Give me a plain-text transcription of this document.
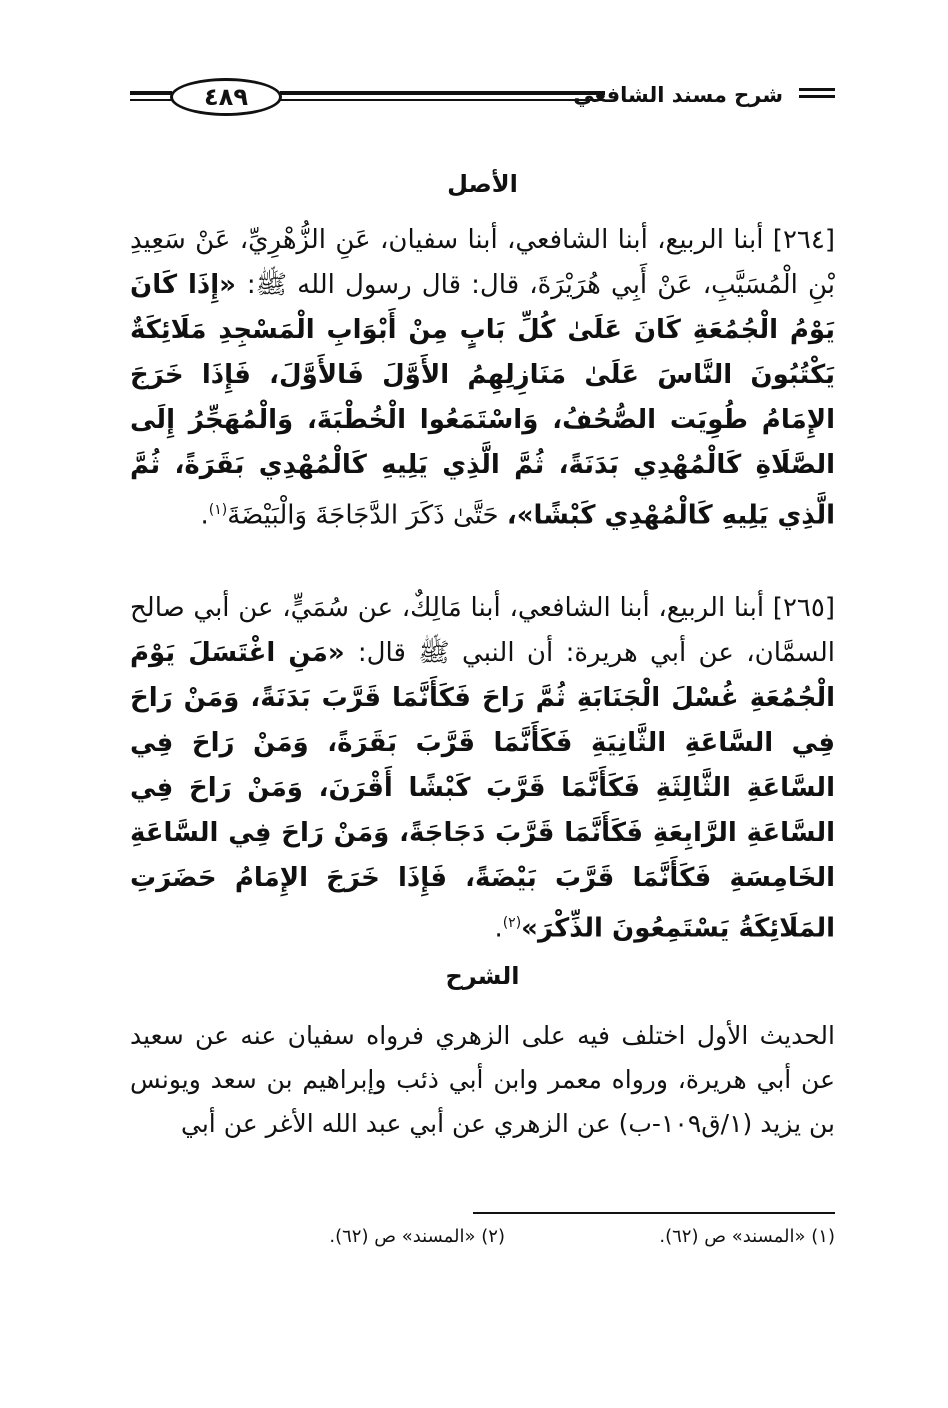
٤٨٩	شرح مسند الشافعي
الأصل
[٢٦٤] أبنا الربيع، أبنا الشافعي، أبنا سفيان، عَنِ الزُّهْرِيِّ، عَنْ سَعِيدِ بْنِ الْمُسَيَّبِ، عَنْ أَبِي هُرَيْرَةَ، قال: قال رسول الله ﷺ: «إِذَا كَانَ يَوْمُ الْجُمُعَةِ كَانَ عَلَىٰ كُلِّ بَابٍ مِنْ أَبْوَابِ الْمَسْجِدِ مَلَائِكَةٌ يَكْتُبُونَ النَّاسَ عَلَىٰ مَنَازِلِهِمُ الأَوَّلَ فَالأَوَّلَ، فَإِذَا خَرَجَ الإِمَامُ طُوِيَت الصُّحُفُ، وَاسْتَمَعُوا الْخُطْبَةَ، وَالْمُهَجِّرُ إِلَى الصَّلَاةِ كَالْمُهْدِي بَدَنَةً، ثُمَّ الَّذِي يَلِيهِ كَالْمُهْدِي بَقَرَةً، ثُمَّ الَّذِي يَلِيهِ كَالْمُهْدِي كَبْشًا»، حَتَّىٰ ذَكَرَ الدَّجَاجَةَ وَالْبَيْضَةَ$^{(١)}$.
[٢٦٥] أبنا الربيع، أبنا الشافعي، أبنا مَالِكٌ، عن سُمَيٍّ، عن أبي صالح السمَّان، عن أبي هريرة: أن النبي ﷺ قال: «مَنِ اغْتَسَلَ يَوْمَ الْجُمُعَةِ غُسْلَ الْجَنَابَةِ ثُمَّ رَاحَ فَكَأَنَّمَا قَرَّبَ بَدَنَةً، وَمَنْ رَاحَ فِي السَّاعَةِ الثَّانِيَةِ فَكَأَنَّمَا قَرَّبَ بَقَرَةً، وَمَنْ رَاحَ فِي السَّاعَةِ الثَّالِثَةِ فَكَأَنَّمَا قَرَّبَ كَبْشًا أَقْرَنَ، وَمَنْ رَاحَ فِي السَّاعَةِ الرَّابِعَةِ فَكَأَنَّمَا قَرَّبَ دَجَاجَةً، وَمَنْ رَاحَ فِي السَّاعَةِ الخَامِسَةِ فَكَأَنَّمَا قَرَّبَ بَيْضَةً، فَإِذَا خَرَجَ الإِمَامُ حَضَرَتِ المَلَائِكَةُ يَسْتَمِعُونَ الذِّكْرَ»$^{(٢)}$.
الشرح
الحديث الأول اختلف فيه على الزهري فرواه سفيان عنه عن سعيد عن أبي هريرة، ورواه معمر وابن أبي ذئب وإبراهيم بن سعد ويونس بن يزيد (١/ق١٠٩-ب) عن الزهري عن أبي عبد الله الأغر عن أبي
(١) «المسند» ص (٦٢).
(٢) «المسند» ص (٦٢).
